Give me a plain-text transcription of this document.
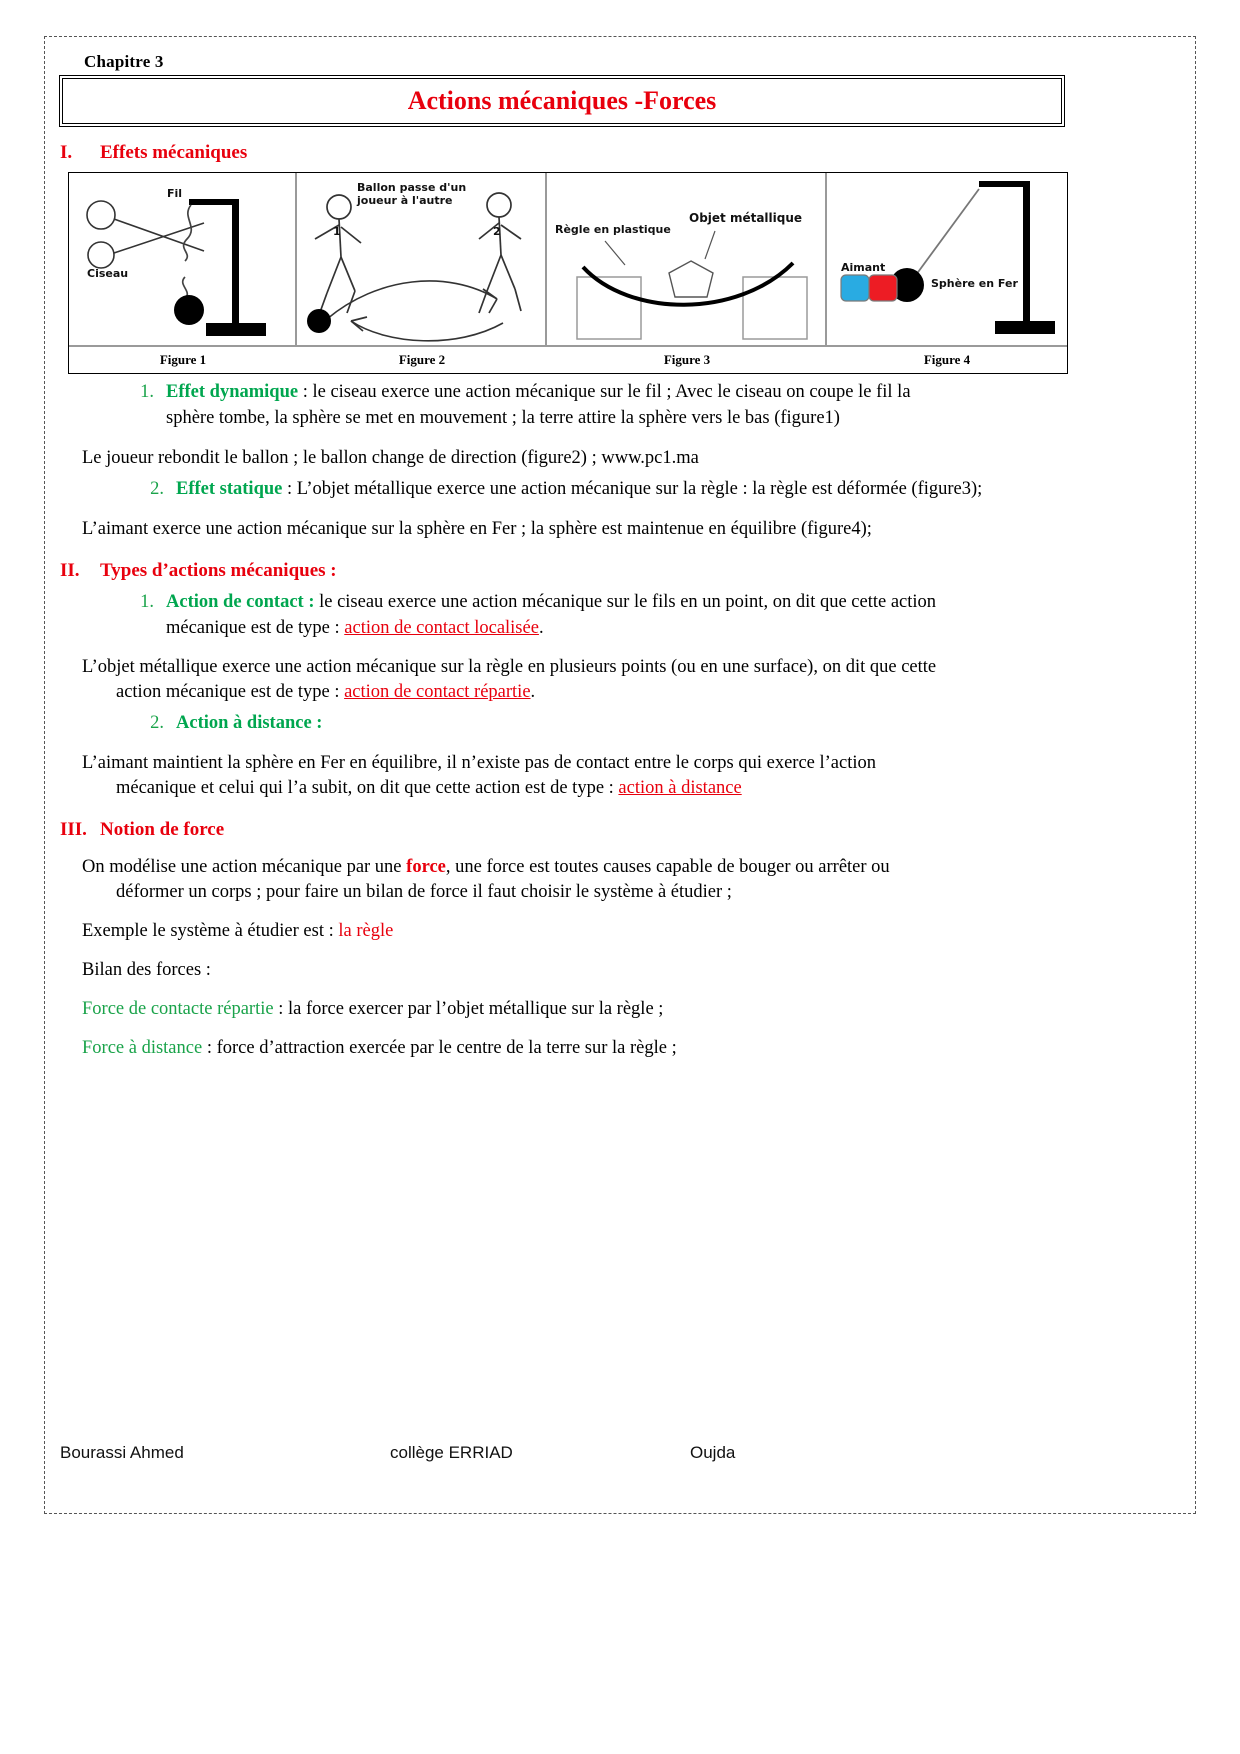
Chapitre 3
Actions mécaniques -Forces
I.	Effets mécaniques
Fil
Ciseau
Ballon passe d'un
joueur à l'autre
1	2	Règle en plastique
Objet métallique
Aimant
Sphère en Fer
Figure 1	Figure 2	Figure 3	Figure 4
1. Effet dynamique : le ciseau exerce une action mécanique sur le fil ; Avec le ciseau on coupe le fil la
sphère tombe, la sphère se met en mouvement ; la terre attire la sphère vers le bas (figure1)

Le joueur rebondit le ballon ; le ballon change de direction (figure2) ; www.pc1.ma

2. Effet statique : L’objet métallique exerce une action mécanique sur la règle : la règle est déformée (figure3);

L’aimant exerce une action mécanique sur la sphère en Fer ; la sphère est maintenue en équilibre (figure4);

II.	Types d’actions mécaniques :
1. Action de contact : le ciseau exerce une action mécanique sur le fils en un point, on dit que cette action
mécanique est de type : action de contact localisée.

L’objet métallique exerce une action mécanique sur la règle en plusieurs points (ou en une surface), on dit que cette
action mécanique est de type : action de contact répartie.

2. Action à distance :

L’aimant maintient la sphère en Fer en équilibre, il n’existe pas de contact entre le corps qui exerce l’action
mécanique et celui qui l’a subit, on dit que cette action est de type : action à distance

III. Notion de force

On modélise une action mécanique par une force, une force est toutes causes capable de bouger ou arrêter ou
déformer un corps ; pour faire un bilan de force il faut choisir le système à étudier ;

Exemple le système à étudier est : la règle

Bilan des forces :

Force de contacte répartie : la force exercer par l’objet métallique sur la règle ;

Force à distance : force d’attraction exercée par le centre de la terre sur la règle ;

Bourassi Ahmed	collège ERRIAD	Oujda
